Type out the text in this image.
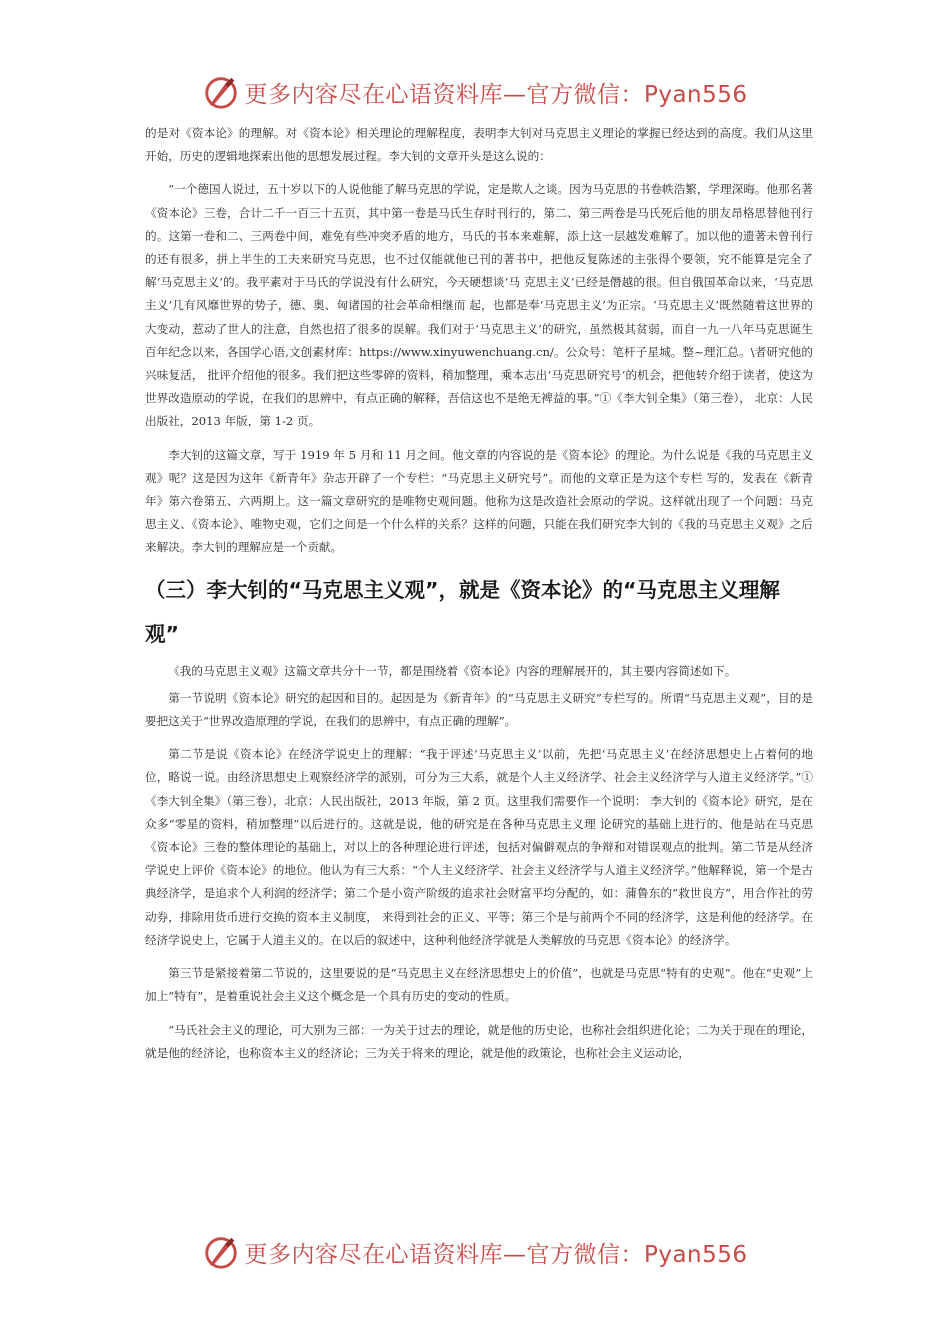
更多内容尽在心语资料库—官方微信：Pyan556

的是对《资本论》的理解。对《资本论》相关理论的理解程度，表明李大钊对马克思主义理论的掌握已经达到的高度。我们从这里开始，历史的逻辑地探索出他的思想发展过程。李大钊的文章开头是这么说的：

“一个德国人说过，五十岁以下的人说他能了解马克思的学说，定是欺人之谈。因为马克思的书卷帙浩繁，学理深晦。他那名著《资本论》三卷，合计二千一百三十五页，其中第一卷是马氏生存时刊行的，第二、第三两卷是马氏死后他的朋友昂格思替他刊行的。这第一卷和二、三两卷中间，难免有些冲突矛盾的地方，马氏的书本来难解，添上这一层越发难解了。加以他的遗著未曾刊行的还有很多，拼上半生的工夫来研究马克思，也不过仅能就他已刊的著书中，把他反复陈述的主张得个要领，究不能算是完全了解‘马克思主义’的。我平素对于马氏的学说没有什么研究，今天硬想谈‘马 克思主义’已经是僭越的很。但自俄国革命以来，‘马克思主义’几有风靡世界的势子，德、奥、匈诸国的社会革命相继而 起，也都是奉‘马克思主义’为正宗。‘马克思主义’既然随着这世界的大变动，惹动了世人的注意，自然也招了很多的误解。我们对于‘马克思主义’的研究，虽然极其贫弱，而自一九一八年马克思诞生百年纪念以来，各国学心语,文创素材库：https://www.xinyuwenchuang.cn/。公众号：笔杆子星城。整~理汇总。\者研究他的兴味复活， 批评介绍他的很多。我们把这些零碎的资料，稍加整理，乘本志出‘马克思研究号’的机会，把他转介绍于读者，使这为 世界改造原动的学说，在我们的思辨中，有点正确的解释，吾信这也不是绝无裨益的事。”①《李大钊全集》（第三卷）， 北京：人民出版社，2013 年版，第 1-2 页。

李大钊的这篇文章，写于 1919 年 5 月和 11 月之间。他文章的内容说的是《资本论》的理论。为什么说是《我的马克思主义观》呢？这是因为这年《新青年》杂志开辟了一个专栏：“马克思主义研究号”。而他的文章正是为这个专栏 写的，发表在《新青年》第六卷第五、六两期上。这一篇文章研究的是唯物史观问题。他称为这是改造社会原动的学说。这样就出现了一个问题：马克思主义、《资本论》、唯物史观，它们之间是一个什么样的关系？这样的问题，只能在我们研究李大钊的《我的马克思主义观》之后来解决。李大钊的理解应是一个贡献。

（三）李大钊的“马克思主义观”，就是《资本论》的“马克思主义理解观”

《我的马克思主义观》这篇文章共分十一节，都是围绕着《资本论》内容的理解展开的，其主要内容简述如下。

第一节说明《资本论》研究的起因和目的。起因是为《新青年》的“马克思主义研究”专栏写的。所谓“马克思主义观”，目的是要把这关于“世界改造原理的学说，在我们的思辨中，有点正确的理解”。

第二节是说《资本论》在经济学说史上的理解：“我于评述‘马克思主义’以前，先把‘马克思主义’在经济思想史上占着何的地位，略说一说。由经济思想史上观察经济学的派别，可分为三大系，就是个人主义经济学、社会主义经济学与人道主义经济学。”①《李大钊全集》（第三卷），北京：人民出版社，2013 年版，第 2 页。这里我们需要作一个说明： 李大钊的《资本论》研究，是在众多“零星的资料，稍加整理”以后进行的。这就是说，他的研究是在各种马克思主义理 论研究的基础上进行的、他是站在马克思《资本论》三卷的整体理论的基础上，对以上的各种理论进行评述，包括对偏僻观点的争辩和对错误观点的批判。第二节是从经济学说史上评价《资本论》的地位。他认为有三大系：“个人主义经济学、社会主义经济学与人道主义经济学。”他解释说，第一个是古典经济学，是追求个人利润的经济学；第二个是小资产阶级的追求社会财富平均分配的，如：蒲鲁东的“救世良方”，用合作社的劳动券，排除用货币进行交换的资本主义制度， 来得到社会的正义、平等；第三个是与前两个不同的经济学，这是利他的经济学。在经济学说史上，它属于人道主义的。在以后的叙述中，这种利他经济学就是人类解放的马克思《资本论》的经济学。

第三节是紧接着第二节说的，这里要说的是“马克思主义在经济思想史上的价值”，也就是马克思“特有的史观”。他在“史观”上加上“特有”，是着重说社会主义这个概念是一个具有历史的变动的性质。

“马氏社会主义的理论，可大别为三部：一为关于过去的理论，就是他的历史论，也称社会组织进化论；二为关于现在的理论，就是他的经济论，也称资本主义的经济论；三为关于将来的理论，就是他的政策论，也称社会主义运动论，

更多内容尽在心语资料库—官方微信：Pyan556
